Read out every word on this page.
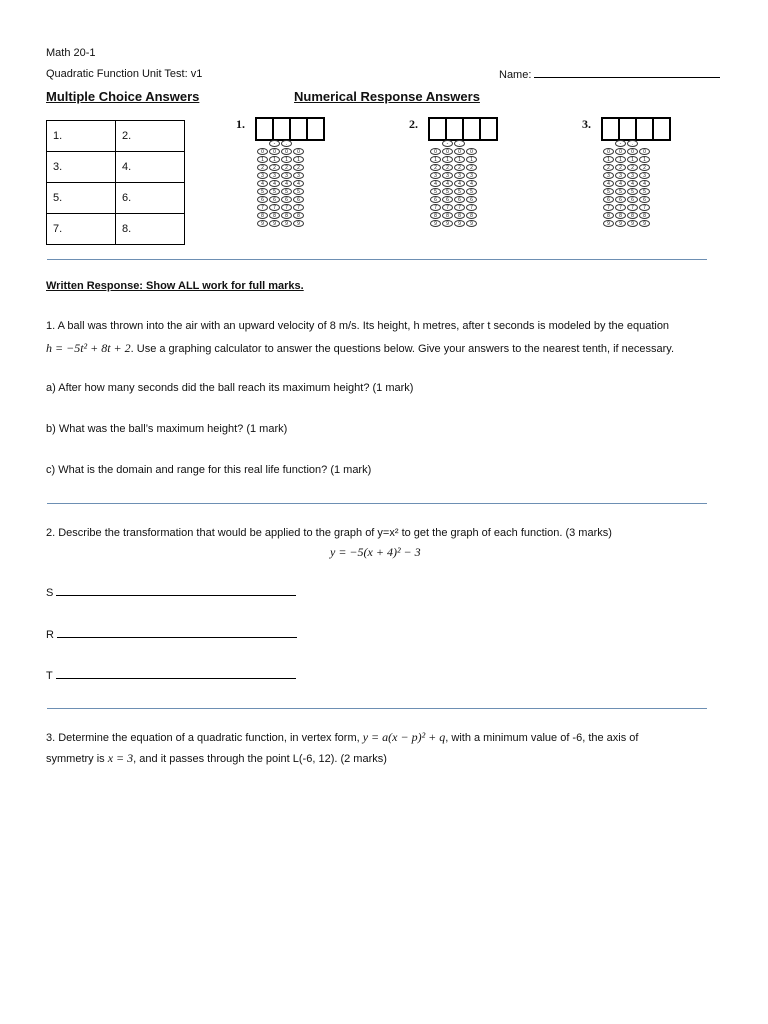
Math 20-1
Quadratic Function Unit Test: v1	Name:
Multiple Choice Answers	Numerical Response Answers
1.	2.
3.	4.
5.	6.
7.	8.
1.
-	.
0	0	0	0
1	1	1	1
2	2	2	2
3	3	3	3
4	4	4	4
5	5	5	5
6	6	6	6
7	7	7	7
8	8	8	8
9	9	9	9
2.
-	.
0	0	0	0
1	1	1	1
2	2	2	2
3	3	3	3
4	4	4	4
5	5	5	5
6	6	6	6
7	7	7	7
8	8	8	8
9	9	9	9
3.
-	.
0	0	0	0
1	1	1	1
2	2	2	2
3	3	3	3
4	4	4	4
5	5	5	5
6	6	6	6
7	7	7	7
8	8	8	8
9	9	9	9
Written Response: Show ALL work for full marks.
1. A ball was thrown into the air with an upward velocity of 8 m/s. Its height, h metres, after t seconds is modeled by the equation
h = −5t² + 8t + 2. Use a graphing calculator to answer the questions below. Give your answers to the nearest tenth, if necessary.
a) After how many seconds did the ball reach its maximum height? (1 mark)
b) What was the ball’s maximum height? (1 mark)
c) What is the domain and range for this real life function? (1 mark)
2. Describe the transformation that would be applied to the graph of y=x² to get the graph of each function. (3 marks)
y = −5(x + 4)² − 3
S
R
T
3. Determine the equation of a quadratic function, in vertex form, y = a(x − p)² + q, with a minimum value of -6, the axis of
symmetry is x = 3, and it passes through the point L(-6, 12). (2 marks)
